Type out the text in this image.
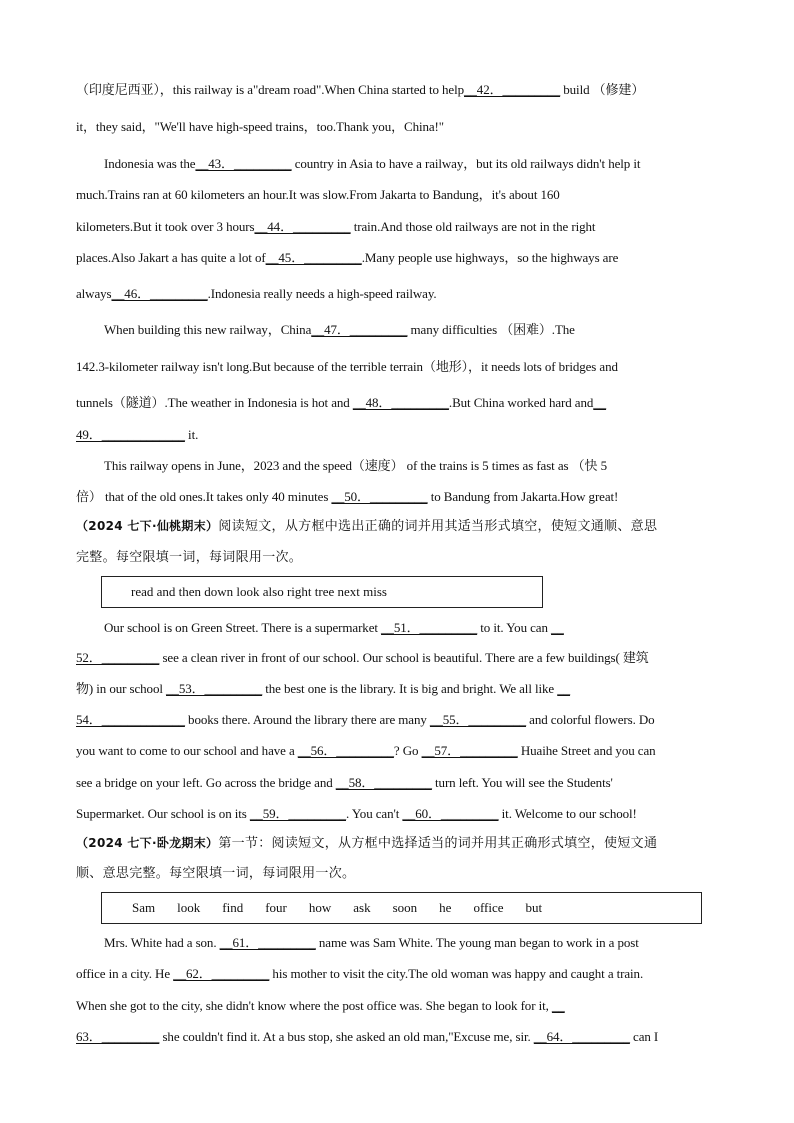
（印度尼西亚），this railway is a"dream road".When China started to help__42．_________ build （修建）
it，they said，"We'll have high-speed trains，too.Thank you，China!"
Indonesia was the__43．_________ country in Asia to have a railway，but its old railways didn't help it
much.Trains ran at 60 kilometers an hour.It was slow.From Jakarta to Bandung，it's about 160
kilometers.But it took over 3 hours__44．_________ train.And those old railways are not in the right
places.Also Jakart a has quite a lot of__45．_________.Many people use highways，so the highways are
always__46．_________.Indonesia really needs a high-speed railway.
When building this new railway，China__47．_________ many difficulties （困难）.The
142.3-kilometer railway isn't long.But because of the terrible terrain（地形），it needs lots of bridges and
tunnels（隧道）.The weather in Indonesia is hot and __48．_________.But China worked hard and__
49．_____________ it.
This railway opens in June，2023 and the speed（速度） of the trains is 5 times as fast as （快 5
倍） that of the old ones.It takes only 40 minutes __50．_________ to Bandung from Jakarta.How great!
（2024 七下·仙桃期末）阅读短文，从方框中选出正确的词并用其适当形式填空，使短文通顺、意思
完整。每空限填一词，每词限用一次。
read and then down look also right tree next miss
Our school is on Green Street. There is a supermarket __51．_________ to it. You can __
52．_________ see a clean river in front of our school. Our school is beautiful. There are a few buildings( 建筑
物) in our school __53．_________ the best one is the library. It is big and bright. We all like __
54．_____________ books there. Around the library there are many __55．_________ and colorful flowers. Do
you want to come to our school and have a __56．_________? Go __57．_________ Huaihe Street and you can
see a bridge on your left. Go across the bridge and __58．_________ turn left. You will see the Students'
Supermarket. Our school is on its __59．_________. You can't __60．_________ it. Welcome to our school!
（2024 七下·卧龙期末）第一节：阅读短文，从方框中选择适当的词并用其正确形式填空，使短文通
顺、意思完整。每空限填一词，每词限用一次。
Sam look find four how ask soon he office but
Mrs. White had a son. __61．_________ name was Sam White. The young man began to work in a post
office in a city. He __62．_________ his mother to visit the city.The old woman was happy and caught a train.
When she got to the city, she didn't know where the post office was. She began to look for it, __
63．_________ she couldn't find it. At a bus stop, she asked an old man,"Excuse me, sir. __64．_________ can I
